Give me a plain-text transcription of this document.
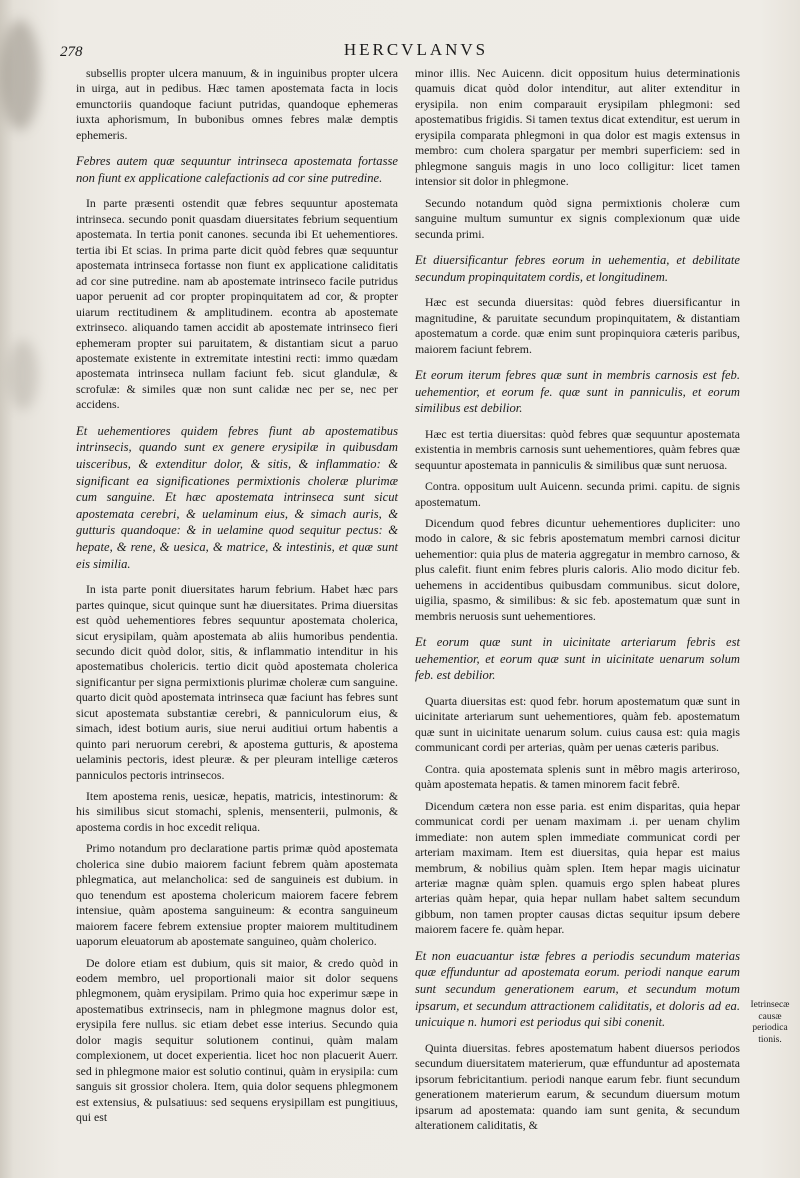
278	HERCVLANVS
subsellis propter ulcera manuum, & in inguinibus propter ulcera in uirga, aut in pedibus. Hæc tamen apostemata facta in locis emunctoriis quandoque faciunt putridas, quandoque ephemeras iuxta aphorismum, In bubonibus omnes febres malæ demptis ephemeris.
Febres autem quæ sequuntur intrinseca apostemata fortasse non fiunt ex applicatione calefactionis ad cor sine putredine.
In parte præsenti ostendit quæ febres sequuntur apostemata intrinseca. secundo ponit quasdam diuersitates febrium sequentium apostemata. In tertia ponit canones. secunda ibi Et uehementiores. tertia ibi Et scias. In prima parte dicit quòd febres quæ sequuntur apostemata intrinseca fortasse non fiunt ex applicatione caliditatis ad cor sine putredine. nam ab apostemate intrinseco facile putridus uapor peruenit ad cor propter propinquitatem ad cor, & propter uiarum rectitudinem & amplitudinem. econtra ab apostemate extrinseco. aliquando tamen accidit ab apostemate intrinseco fieri ephemeram propter sui paruitatem, & distantiam sicut a paruo apostemate existente in extremitate intestini recti: immo quædam apostemata intrinseca nullam faciunt feb. sicut glandulæ, & scrofulæ: & similes quæ non sunt calidæ nec per se, nec per accidens.
Et uehementiores quidem febres fiunt ab apostematibus intrinsecis, quando sunt ex genere erysipilæ in quibusdam uisceribus, & extenditur dolor, & sitis, & inflammatio: & significant ea significationes permixtionis choleræ plurimæ cum sanguine. Et hæc apostemata intrinseca sunt sicut apostemata cerebri, & uelaminum eius, & simach auris, & gutturis quandoque: & in uelamine quod sequitur pectus: & hepate, & rene, & uesica, & matrice, & intestinis, et quæ sunt eis similia.
In ista parte ponit diuersitates harum febrium. Habet hæc pars partes quinque, sicut quinque sunt hæ diuersitates. Prima diuersitas est quòd uehementiores febres sequuntur apostemata cholerica, sicut erysipilam, quàm apostemata ab aliis humoribus pendentia. secundo dicit quòd dolor, sitis, & inflammatio intenditur in his apostematibus cholericis. tertio dicit quòd apostemata cholerica significantur per signa permixtionis plurimæ choleræ cum sanguine. quarto dicit quòd apostemata intrinseca quæ faciunt has febres sunt sicut apostemata substantiæ cerebri, & panniculorum eius, & simach, idest botium auris, siue nerui auditiui ortum habentis a quinto pari neruorum cerebri, & apostema gutturis, & apostema uelaminis pectoris, idest pleuræ. & per pleuram intellige cæteros panniculos pectoris intrinsecos.
Item apostema renis, uesicæ, hepatis, matricis, intestinorum: & his similibus sicut stomachi, splenis, mensenterii, pulmonis, & apostema cordis in hoc excedit reliqua.
Primo notandum pro declaratione partis primæ quòd apostemata cholerica sine dubio maiorem faciunt febrem quàm apostemata phlegmatica, aut melancholica: sed de sanguineis est dubium. in quo tenendum est apostema cholericum maiorem facere febrem intensiue, quàm apostema sanguineum: & econtra sanguineum maiorem facere febrem extensiue propter maiorem multitudinem uaporum eleuatorum ab apostemate sanguineo, quàm cholerico.
De dolore etiam est dubium, quis sit maior, & credo quòd in eodem membro, uel proportionali maior sit dolor sequens phlegmonem, quàm erysipilam. Primo quia hoc experimur sæpe in apostematibus extrinsecis, nam in phlegmone magnus dolor est, erysipila fere nullus. sic etiam debet esse interius. Secundo quia dolor magis sequitur solutionem continui, quàm malam complexionem, ut docet experientia. licet hoc non placuerit Auerr. sed in phlegmone maior est solutio continui, quàm in erysipila: cum sanguis sit grossior cholera. Item, quia dolor sequens phlegmonem est extensius, & pulsatiuus: sed sequens erysipillam est pungitiuus, qui est
minor illis. Nec Auicenn. dicit oppositum huius determinationis quamuis dicat quòd dolor intenditur, aut aliter extenditur in erysipila. non enim comparauit erysipilam phlegmoni: sed apostematibus frigidis. Si tamen textus dicat extenditur, est uerum in erysipila comparata phlegmoni in qua dolor est magis extensus in membro: cum cholera spargatur per membri superficiem: sed in phlegmone sanguis magis in uno loco colligitur: licet tamen intensior sit dolor in phlegmone.
Secundo notandum quòd signa permixtionis choleræ cum sanguine multum sumuntur ex signis complexionum quæ uide secunda primi.
Et diuersificantur febres eorum in uehementia, et debilitate secundum propinquitatem cordis, et longitudinem.
Hæc est secunda diuersitas: quòd febres diuersificantur in magnitudine, & paruitate secundum propinquitatem, & distantiam apostematum a corde. quæ enim sunt propinquiora cæteris paribus, maiorem faciunt febrem.
Et eorum iterum febres quæ sunt in membris carnosis est feb. uehementior, et eorum fe. quæ sunt in panniculis, et eorum similibus est debilior.
Hæc est tertia diuersitas: quòd febres quæ sequuntur apostemata existentia in membris carnosis sunt uehementiores, quàm febres quæ sequuntur apostemata in panniculis & similibus quæ sunt neruosa.
Contra. oppositum uult Auicenn. secunda primi. capitu. de signis apostematum.
Dicendum quod febres dicuntur uehementiores dupliciter: uno modo in calore, & sic febris apostematum membri carnosi dicitur uehementior: quia plus de materia aggregatur in membro carnoso, & plus calefit. fiunt enim febres pluris caloris. Alio modo dicitur feb. uehemens in accidentibus quibusdam communibus. sicut dolore, uigilia, spasmo, & similibus: & sic feb. apostematum quæ sunt in membris neruosis sunt uehementiores.
Et eorum quæ sunt in uicinitate arteriarum febris est uehementior, et eorum quæ sunt in uicinitate uenarum solum feb. est debilior.
Quarta diuersitas est: quod febr. horum apostematum quæ sunt in uicinitate arteriarum sunt uehementiores, quàm feb. apostematum quæ sunt in uicinitate uenarum solum. cuius causa est: quia magis communicant cordi per arterias, quàm per uenas cæteris paribus.
Contra. quia apostemata splenis sunt in mêbro magis arteriroso, quàm apostemata hepatis. & tamen minorem facit febrê.
Dicendum cætera non esse paria. est enim disparitas, quia hepar communicat cordi per uenam maximam .i. per uenam chylim immediate: non autem splen immediate communicat cordi per arteriam maximam. Item est diuersitas, quia hepar est maius membrum, & nobilius quàm splen. Item hepar magis uicinatur arteriæ magnæ quàm splen. quamuis ergo splen habeat plures arterias quàm hepar, quia hepar nullam habet saltem secundum gibbum, non tamen propter causas dictas sequitur ipsum debere maiorem facere fe. quàm hepar.
Et non euacuantur istæ febres a periodis secundum materias quæ effunduntur ad apostemata eorum. periodi nanque earum sunt secundum generationem earum, et secundum motum ipsarum, et secundum attractionem caliditatis, et doloris ad ea. unicuique n. humori est periodus qui sibi conenit.
Quinta diuersitas. febres apostematum habent diuersos periodos secundum diuersitatem materierum, quæ effunduntur ad apostemata ipsorum febricitantium. periodi nanque earum febr. fiunt secundum generationem materierum earum, & secundum diuersum motum ipsarum ad apostemata: quando iam sunt genita, & secundum alterationem caliditatis, &
Ietrinsecæ causæ periodica tionis.
